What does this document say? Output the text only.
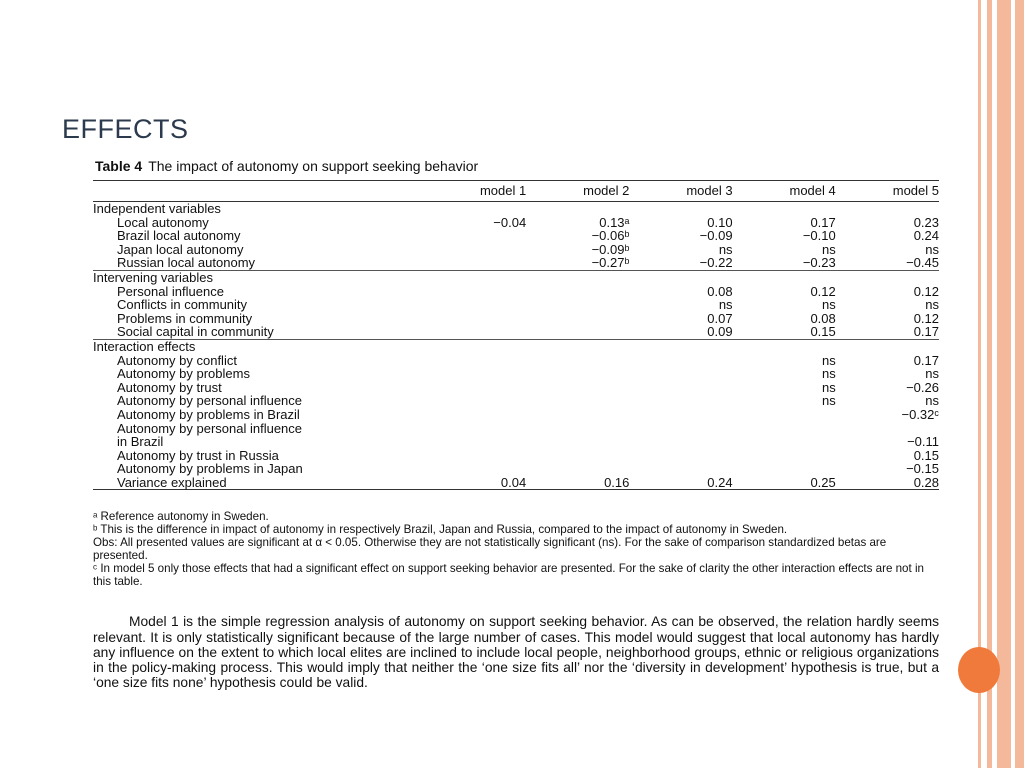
EFFECTS
Table 4 The impact of autonomy on support seeking behavior
	model 1	model 2	model 3	model 4	model 5
Independent variables					
Local autonomy	−0.04	0.13ᵃ	0.10	0.17	0.23
Brazil local autonomy		−0.06ᵇ	−0.09	−0.10	0.24
Japan local autonomy		−0.09ᵇ	ns	ns	ns
Russian local autonomy		−0.27ᵇ	−0.22	−0.23	−0.45
Intervening variables					
Personal influence			0.08	0.12	0.12
Conflicts in community			ns	ns	ns
Problems in community			0.07	0.08	0.12
Social capital in community			0.09	0.15	0.17
Interaction effects					
Autonomy by conflict				ns	0.17
Autonomy by problems				ns	ns
Autonomy by trust				ns	−0.26
Autonomy by personal influence				ns	ns
Autonomy by problems in Brazil					−0.32ᶜ
Autonomy by personal influence					
in Brazil					−0.11
Autonomy by trust in Russia					0.15
Autonomy by problems in Japan					−0.15
Variance explained	0.04	0.16	0.24	0.25	0.28
ᵃ Reference autonomy in Sweden.
ᵇ This is the difference in impact of autonomy in respectively Brazil, Japan and Russia, compared to the impact of autonomy in Sweden.
Obs: All presented values are significant at α < 0.05. Otherwise they are not statistically significant (ns). For the sake of comparison standardized betas are presented.
ᶜ In model 5 only those effects that had a significant effect on support seeking behavior are presented. For the sake of clarity the other interaction effects are not in this table.
Model 1 is the simple regression analysis of autonomy on support seeking behavior. As can be observed, the relation hardly seems relevant. It is only statistically significant because of the large number of cases. This model would suggest that local autonomy has hardly any influence on the extent to which local elites are inclined to include local people, neighborhood groups, ethnic or religious organizations in the policy-making process. This would imply that neither the ‘one size fits all’ nor the ‘diversity in development’ hypothesis is true, but a ‘one size fits none’ hypothesis could be valid.
